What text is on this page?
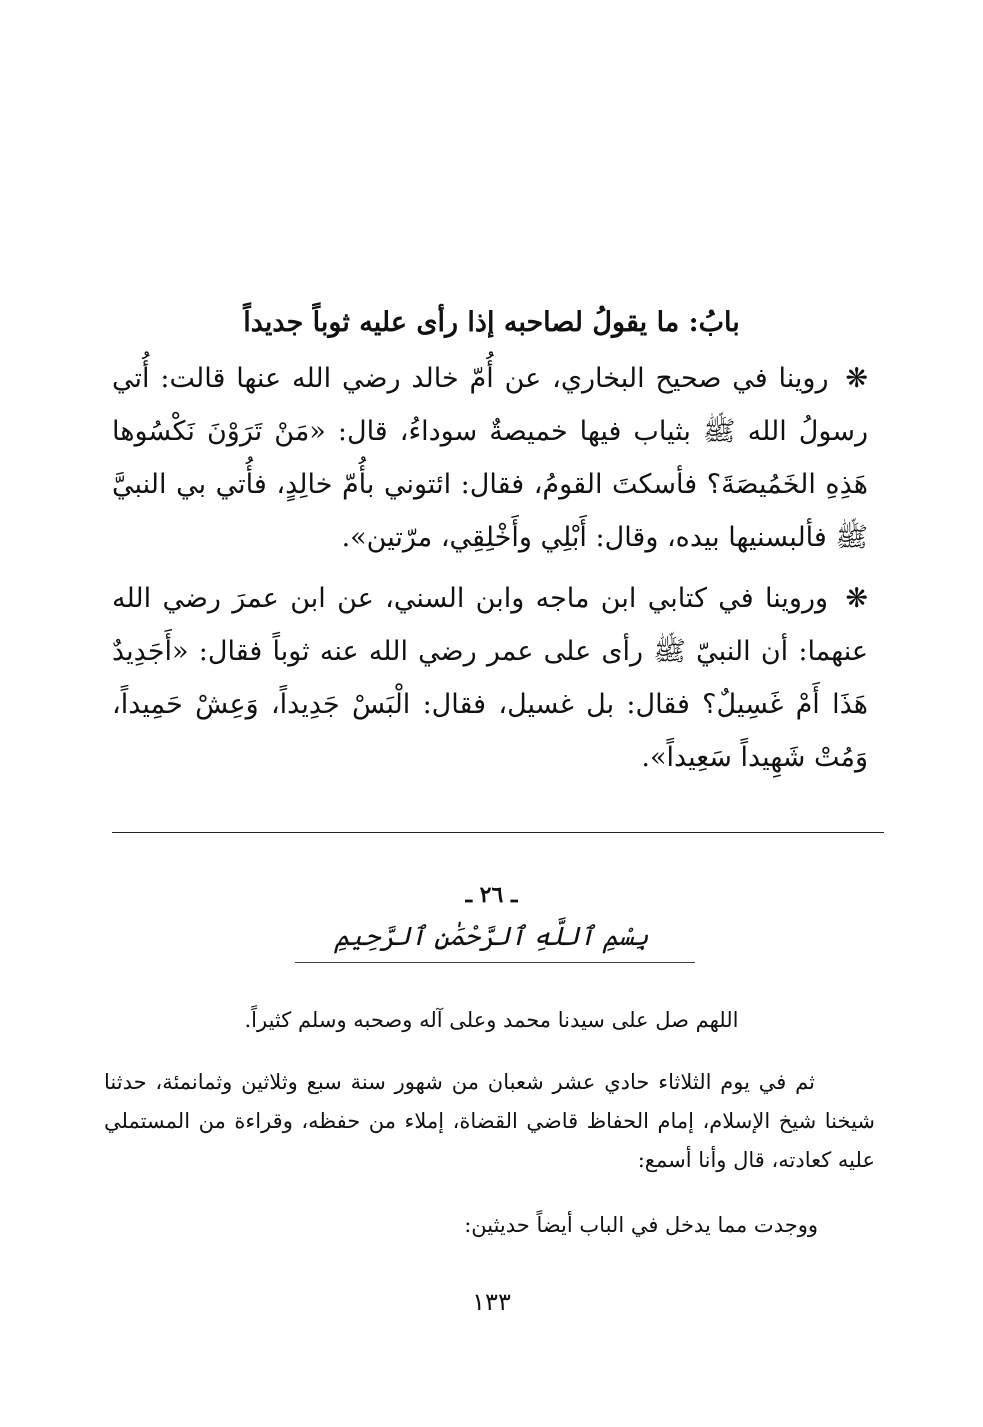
بابُ: ما يقولُ لصاحبه إذا رأى عليه ثوباً جديداً
❋ روينا في صحيح البخاري، عن أُمّ خالد رضي الله عنها قالت: أُتي رسولُ الله ﷺ بثياب فيها خميصةٌ سوداءُ، قال: «مَنْ تَرَوْنَ نَكْسُوها هَذِهِ الخَمُيصَةَ؟ فأسكتَ القومُ، فقال: ائتوني بأُمّ خالِدٍ، فأُتي بي النبيَّ ﷺ فألبسنيها بيده، وقال: أَبْلِي وأَخْلِقِي، مرّتين».
❋ وروينا في كتابي ابن ماجه وابن السني، عن ابن عمرَ رضي الله عنهما: أن النبيّ ﷺ رأى على عمر رضي الله عنه ثوباً فقال: «أَجَدِيدٌ هَذَا أَمْ غَسِيلٌ؟ فقال: بل غسيل، فقال: الْبَسْ جَدِيداً، وَعِشْ حَمِيداً، وَمُتْ شَهِيداً سَعِيداً».
ـ ٢٦ ـ
بِسْمِ ٱللَّهِ ٱلرَّحْمَٰنِ ٱلرَّحِيمِ
اللهم صل على سيدنا محمد وعلى آله وصحبه وسلم كثيراً.
ثم في يوم الثلاثاء حادي عشر شعبان من شهور سنة سبع وثلاثين وثمانمئة، حدثنا شيخنا شيخ الإسلام، إمام الحفاظ قاضي القضاة، إملاء من حفظه، وقراءة من المستملي عليه كعادته، قال وأنا أسمع:
ووجدت مما يدخل في الباب أيضاً حديثين:
١٣٣
